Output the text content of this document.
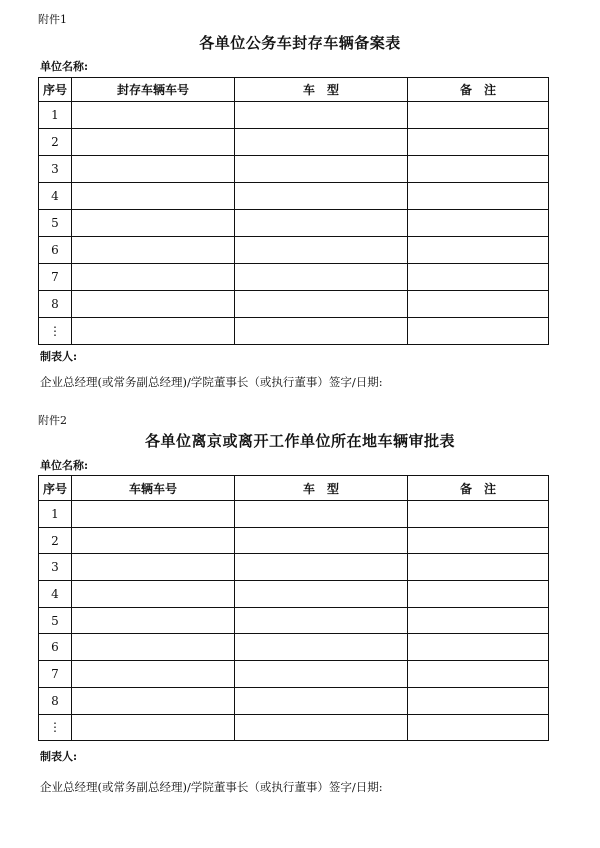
附件1
各单位公务车封存车辆备案表
单位名称:
序号	封存车辆车号	车　型	备　注
1			
2			
3			
4			
5			
6			
7			
8			
⋮			
制表人:
企业总经理(或常务副总经理)/学院董事长（或执行董事）签字/日期:
附件2
各单位离京或离开工作单位所在地车辆审批表
单位名称:
序号	车辆车号	车　型	备　注
1			
2			
3			
4			
5			
6			
7			
8			
⋮			
制表人:
企业总经理(或常务副总经理)/学院董事长（或执行董事）签字/日期:
